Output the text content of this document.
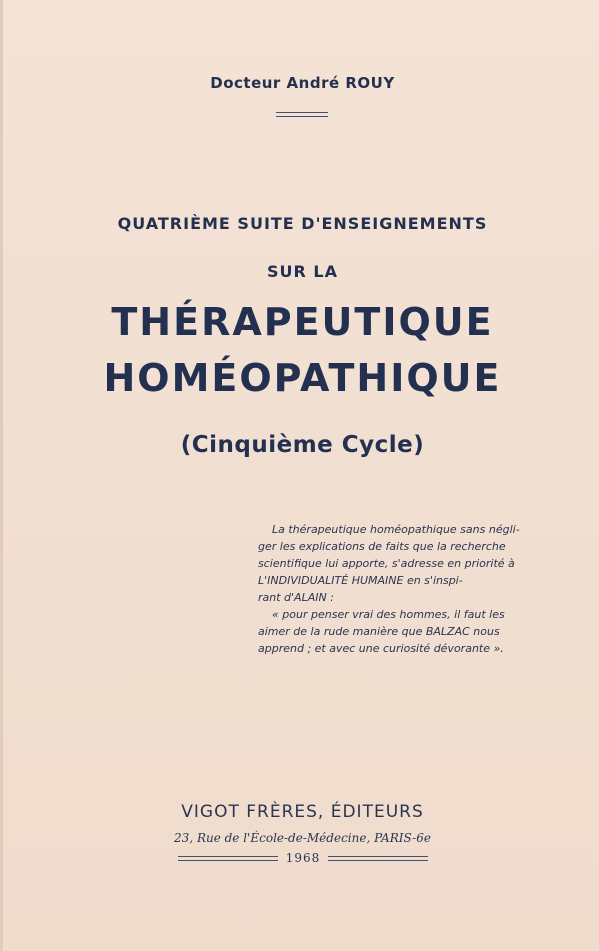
Docteur André ROUY
QUATRIÈME SUITE D'ENSEIGNEMENTS
SUR LA
THÉRAPEUTIQUE
HOMÉOPATHIQUE
(Cinquième Cycle)
La thérapeutique homéopathique sans négli-
ger les explications de faits que la recherche
scientifique lui apporte, s'adresse en priorité à
L'INDIVIDUALITÉ HUMAINE en s'inspi-
rant d'ALAIN :
« pour penser vrai des hommes, il faut les
aimer de la rude manière que BALZAC nous
apprend ; et avec une curiosité dévorante ».
VIGOT FRÈRES, ÉDITEURS
23, Rue de l'École-de-Médecine, PARIS-6e
1968
